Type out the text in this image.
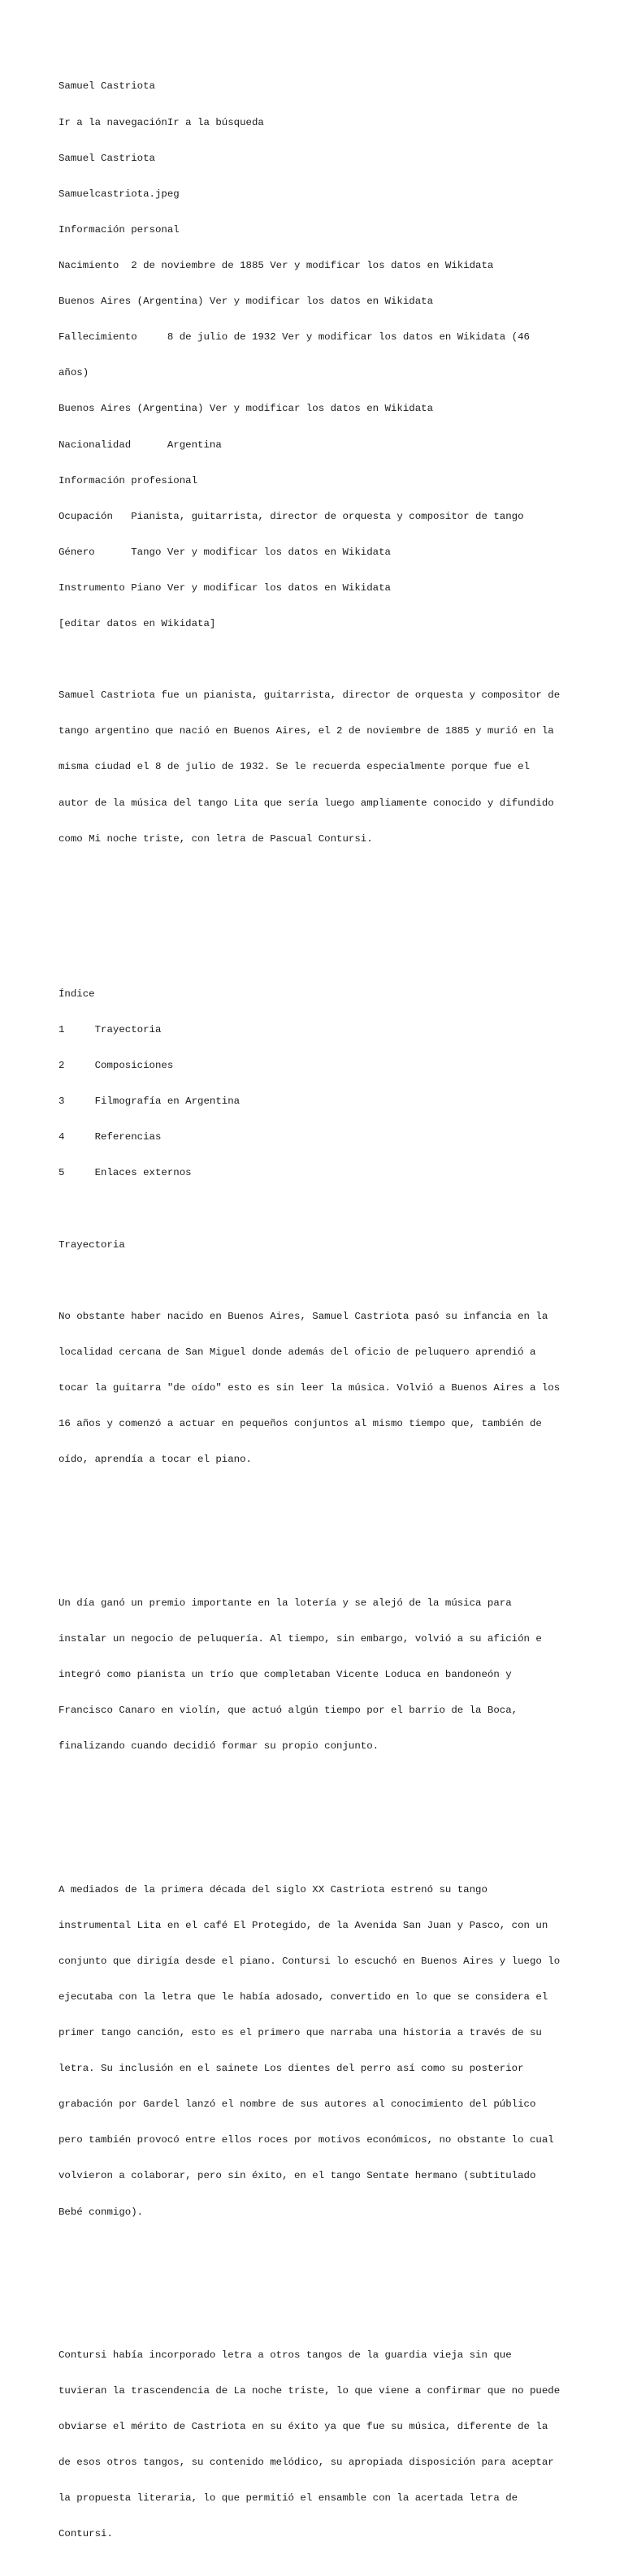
Samuel Castriota

Ir a la navegaciónIr a la búsqueda

Samuel Castriota

Samuelcastriota.jpeg

Información personal

Nacimiento  2 de noviembre de 1885 Ver y modificar los datos en Wikidata

Buenos Aires (Argentina) Ver y modificar los datos en Wikidata

Fallecimiento     8 de julio de 1932 Ver y modificar los datos en Wikidata (46

años)

Buenos Aires (Argentina) Ver y modificar los datos en Wikidata

Nacionalidad      Argentina

Información profesional

Ocupación   Pianista, guitarrista, director de orquesta y compositor de tango

Género      Tango Ver y modificar los datos en Wikidata

Instrumento Piano Ver y modificar los datos en Wikidata

[editar datos en Wikidata]

Samuel Castriota fue un pianista, guitarrista, director de orquesta y compositor de

tango argentino que nació en Buenos Aires, el 2 de noviembre de 1885 y murió en la

misma ciudad el 8 de julio de 1932. Se le recuerda especialmente porque fue el

autor de la música del tango Lita que sería luego ampliamente conocido y difundido

como Mi noche triste, con letra de Pascual Contursi.

Índice

1     Trayectoria

2     Composiciones

3     Filmografía en Argentina

4     Referencias

5     Enlaces externos

Trayectoria

No obstante haber nacido en Buenos Aires, Samuel Castriota pasó su infancia en la

localidad cercana de San Miguel donde además del oficio de peluquero aprendió a

tocar la guitarra "de oído" esto es sin leer la música. Volvió a Buenos Aires a los

16 años y comenzó a actuar en pequeños conjuntos al mismo tiempo que, también de

oído, aprendía a tocar el piano.

Un día ganó un premio importante en la lotería y se alejó de la música para

instalar un negocio de peluquería. Al tiempo, sin embargo, volvió a su afición e

integró como pianista un trío que completaban Vicente Loduca en bandoneón y

Francisco Canaro en violín, que actuó algún tiempo por el barrio de la Boca,

finalizando cuando decidió formar su propio conjunto.

A mediados de la primera década del siglo XX Castriota estrenó su tango

instrumental Lita en el café El Protegido, de la Avenida San Juan y Pasco, con un

conjunto que dirigía desde el piano. Contursi lo escuchó en Buenos Aires y luego lo

ejecutaba con la letra que le había adosado, convertido en lo que se considera el

primer tango canción, esto es el primero que narraba una historia a través de su

letra. Su inclusión en el sainete Los dientes del perro así como su posterior

grabación por Gardel lanzó el nombre de sus autores al conocimiento del público

pero también provocó entre ellos roces por motivos económicos, no obstante lo cual

volvieron a colaborar, pero sin éxito, en el tango Sentate hermano (subtitulado

Bebé conmigo).

Contursi había incorporado letra a otros tangos de la guardia vieja sin que

tuvieran la trascendencia de La noche triste, lo que viene a confirmar que no puede

obviarse el mérito de Castriota en su éxito ya que fue su música, diferente de la

de esos otros tangos, su contenido melódico, su apropiada disposición para aceptar

la propuesta literaria, lo que permitió el ensamble con la acertada letra de

Contursi.
